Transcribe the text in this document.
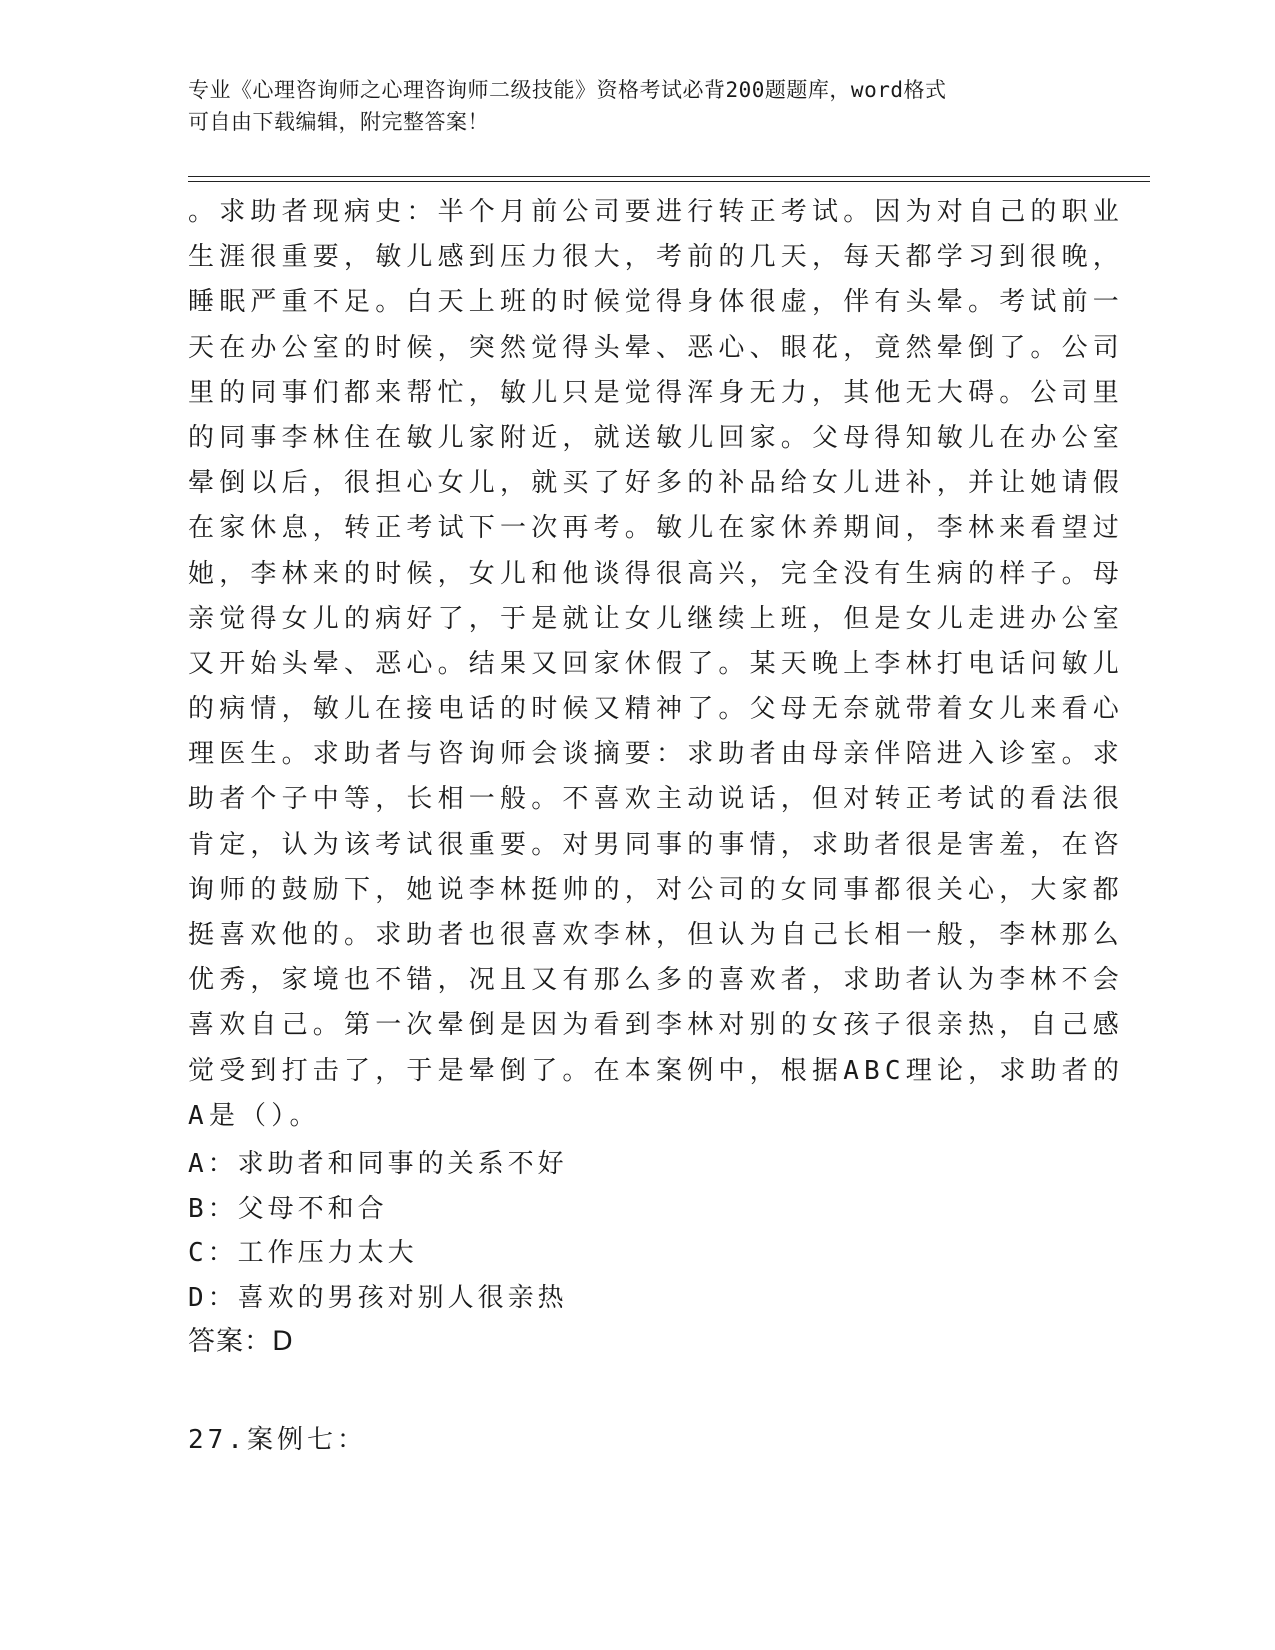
专业《心理咨询师之心理咨询师二级技能》资格考试必背200题题库，word格式
可自由下载编辑，附完整答案！
。求助者现病史：半个月前公司要进行转正考试。因为对自己的职业
生涯很重要，敏儿感到压力很大，考前的几天，每天都学习到很晚，
睡眠严重不足。白天上班的时候觉得身体很虚，伴有头晕。考试前一
天在办公室的时候，突然觉得头晕、恶心、眼花，竟然晕倒了。公司
里的同事们都来帮忙，敏儿只是觉得浑身无力，其他无大碍。公司里
的同事李林住在敏儿家附近，就送敏儿回家。父母得知敏儿在办公室
晕倒以后，很担心女儿，就买了好多的补品给女儿进补，并让她请假
在家休息，转正考试下一次再考。敏儿在家休养期间，李林来看望过
她，李林来的时候，女儿和他谈得很高兴，完全没有生病的样子。母
亲觉得女儿的病好了，于是就让女儿继续上班，但是女儿走进办公室
又开始头晕、恶心。结果又回家休假了。某天晚上李林打电话问敏儿
的病情，敏儿在接电话的时候又精神了。父母无奈就带着女儿来看心
理医生。求助者与咨询师会谈摘要：求助者由母亲伴陪进入诊室。求
助者个子中等，长相一般。不喜欢主动说话，但对转正考试的看法很
肯定，认为该考试很重要。对男同事的事情，求助者很是害羞，在咨
询师的鼓励下，她说李林挺帅的，对公司的女同事都很关心，大家都
挺喜欢他的。求助者也很喜欢李林，但认为自己长相一般，李林那么
优秀，家境也不错，况且又有那么多的喜欢者，求助者认为李林不会
喜欢自己。第一次晕倒是因为看到李林对别的女孩子很亲热，自己感
觉受到打击了，于是晕倒了。在本案例中，根据ABC理论，求助者的
A是（）。
A：求助者和同事的关系不好
B：父母不和合
C：工作压力太大
D：喜欢的男孩对别人很亲热
答案：D
27.案例七：
